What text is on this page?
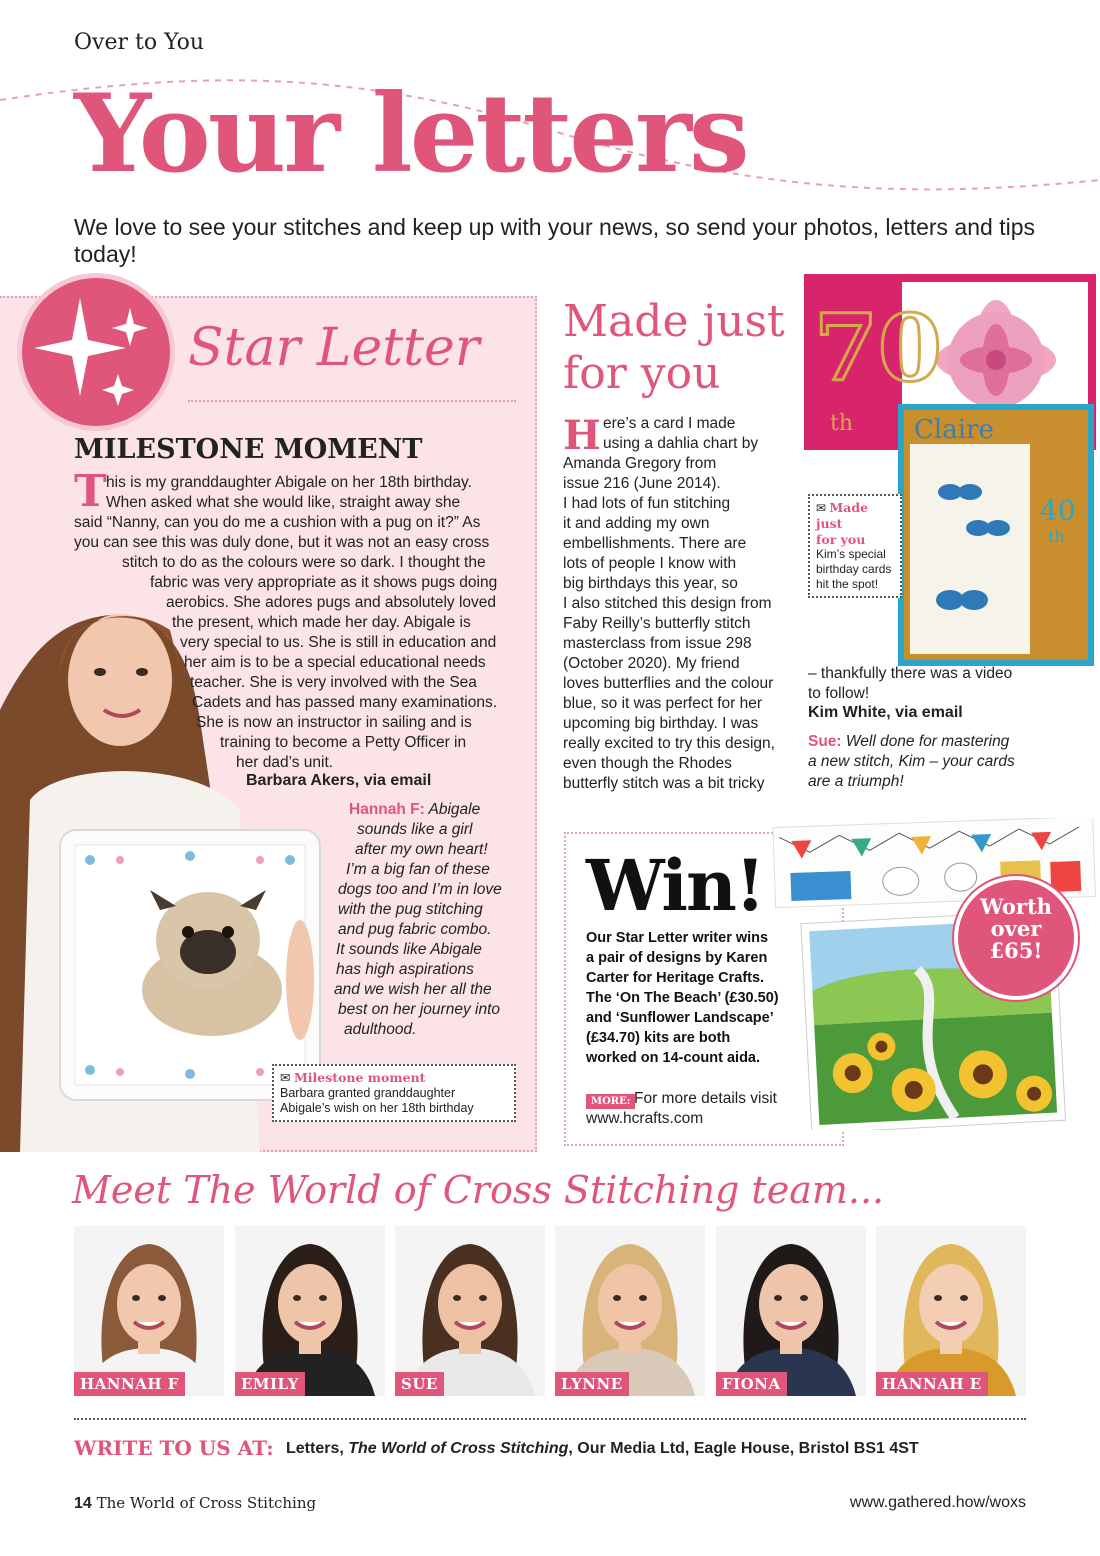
Over to You
Your letters
We love to see your stitches and keep up with your news, so send your photos, letters and tips today!
Star Letter
MILESTONE MOMENT
T his is my granddaughter Abigale on her 18th birthday.
When asked what she would like, straight away she
said “Nanny, can you do me a cushion with a pug on it?” As
you can see this was duly done, but it was not an easy cross
stitch to do as the colours were so dark. I thought the
fabric was very appropriate as it shows pugs doing
aerobics. She adores pugs and absolutely loved
the present, which made her day. Abigale is
very special to us. She is still in education and
her aim is to be a special educational needs
teacher. She is very involved with the Sea
Cadets and has passed many examinations.
She is now an instructor in sailing and is
training to become a Petty Officer in
her dad’s unit.
Barbara Akers, via email
Hannah F: Abigale
sounds like a girl
after my own heart!
I’m a big fan of these
dogs too and I’m in love
with the pug stitching
and pug fabric combo.
It sounds like Abigale
has high aspirations
and we wish her all the
best on her journey into
adulthood.
✉ Milestone moment
Barbara granted granddaughter
Abigale’s wish on her 18th birthday
Made just
for you
H ere’s a card I made
using a dahlia chart by
Amanda Gregory from
issue 216 (June 2014).
I had lots of fun stitching
it and adding my own
embellishments. There are
lots of people I know with
big birthdays this year, so
I also stitched this design from
Faby Reilly’s butterfly stitch
masterclass from issue 298
(October 2020). My friend
loves butterflies and the colour
blue, so it was perfect for her
upcoming big birthday. I was
really excited to try this design,
even though the Rhodes
butterfly stitch was a bit tricky
70
th Claire
40
th
✉ Made just
for you
Kim’s special
birthday cards
hit the spot!
– thankfully there was a video
to follow!
Kim White, via email
Sue: Well done for mastering
a new stitch, Kim – your cards
are a triumph!
Win!
Our Star Letter writer wins
a pair of designs by Karen
Carter for Heritage Crafts.
The ‘On The Beach’ (£30.50)
and ‘Sunflower Landscape’
(£34.70) kits are both
worked on 14-count aida.
MORE: For more details visit
www.hcrafts.com
Worth
over
£65!
Meet The World of Cross Stitching team...
HANNAH F	EMILY	SUE	LYNNE	FIONA	HANNAH E
WRITE TO US AT: Letters, The World of Cross Stitching, Our Media Ltd, Eagle House, Bristol BS1 4ST
14 The World of Cross Stitching	www.gathered.how/woxs
